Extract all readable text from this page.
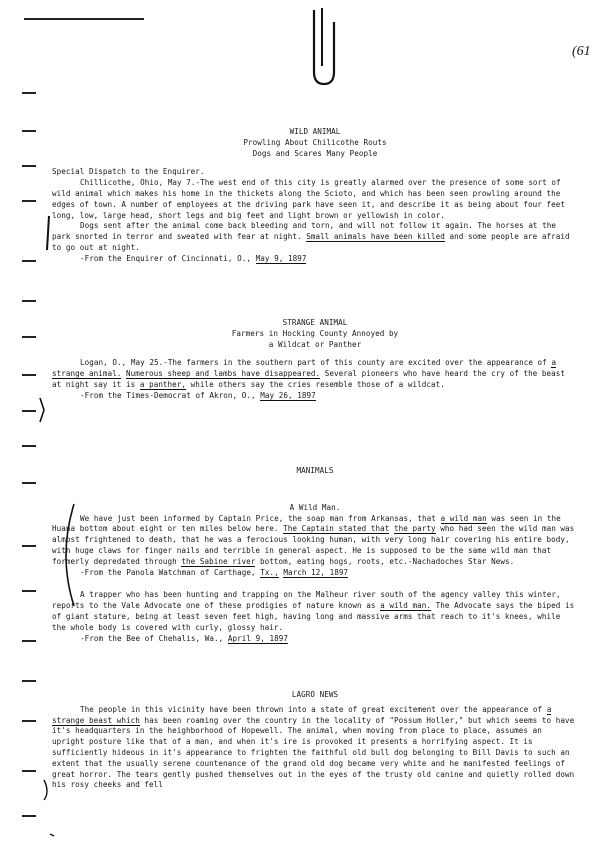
(61
WILD ANIMAL
Prowling About Chilicothe Routs
Dogs and Scares Many People

Special Dispatch to the Enquirer.

Chillicothe, Ohio, May 7.-The west end of this city is greatly alarmed over the presence of some sort of wild animal which makes his home in the thickets along the Scioto, and which has been seen prowling around the edges of town. A number of employees at the driving park have seen it, and describe it as being about four feet long, low, large head, short legs and big feet and light brown or yellowish in color.

Dogs sent after the animal come back bleeding and torn, and will not follow it again. The horses at the park snorted in terror and sweated with fear at night. Small animals have been killed and some people are afraid to go out at night.

-From the Enquirer of Cincinnati, O., May 9, 1897

STRANGE ANIMAL
Farmers in Hocking County Annoyed by
a Wildcat or Panther

Logan, O., May 25.-The farmers in the southern part of this county are excited over the appearance of a strange animal. Numerous sheep and lambs have disappeared. Several pioneers who have heard the cry of the beast at night say it is a panther, while others say the cries resemble those of a wildcat.

-From the Times-Democrat of Akron, O., May 26, 1897

MANIMALS
A Wild Man.

We have just been informed by Captain Price, the soap man from Arkansas, that a wild man was seen in the Huana bottom about eight or ten miles below here. The Captain stated that the party who had seen the wild man was almost frightened to death, that he was a ferocious looking human, with very long hair covering his entire body, with huge claws for finger nails and terrible in general aspect. He is supposed to be the same wild man that formerly depredated through the Sabine river bottom, eating hogs, roots, etc.-Nachadoches Star News.

-From the Panola Watchman of Carthage, Tx., March 12, 1897

A trapper who has been hunting and trapping on the Malheur river south of the agency valley this winter, reports to the Vale Advocate one of these prodigies of nature known as a wild man. The Advocate says the biped is of giant stature, being at least seven feet high, having long and massive arms that reach to it's knees, while the whole body is covered with curly, glossy hair.

-From the Bee of Chehalis, Wa., April 9, 1897

LAGRO NEWS

The people in this vicinity have been thrown into a state of great excitement over the appearance of a strange beast which has been roaming over the country in the locality of "Possum Holler," but which seems to have it's headquarters in the heighborhood of Hopewell. The animal, when moving from place to place, assumes an upright posture like that of a man, and when it's ire is provoked it presents a horrifying aspect. It is sufficiently hideous in it's appearance to frighten the faithful old bull dog belonging to Bill Davis to such an extent that the usually serene countenance of the grand old dog became very white and he manifested feelings of great horror. The tears gently pushed themselves out in the eyes of the trusty old canine and quietly rolled down his rosy cheeks and fell
